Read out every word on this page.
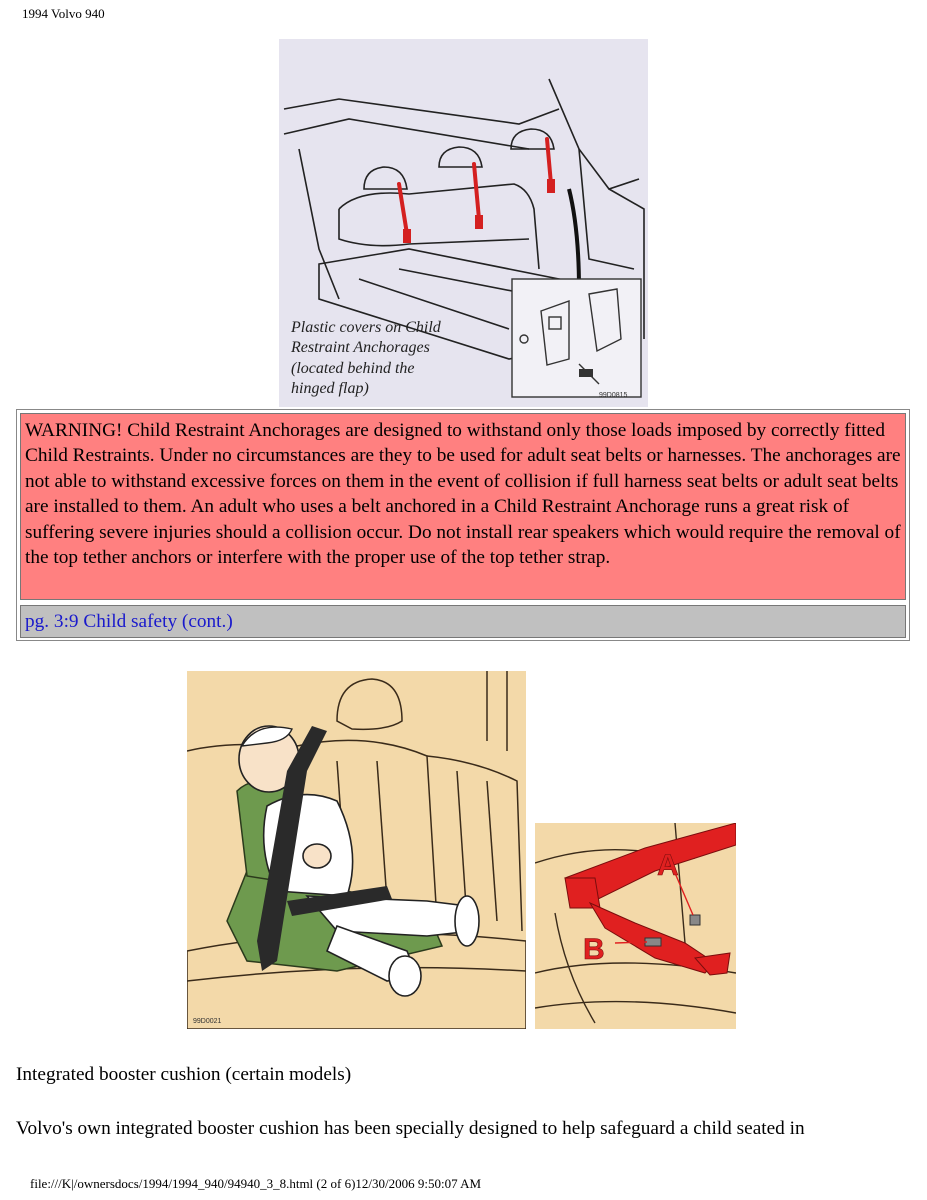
1994 Volvo 940
Plastic covers on Child
Restraint Anchorages
(located behind the
hinged flap)	99D0815
WARNING! Child Restraint Anchorages are designed to withstand only those loads imposed by correctly fitted Child Restraints. Under no circumstances are they to be used for adult seat belts or harnesses. The anchorages are not able to withstand excessive forces on them in the event of collision if full harness seat belts or adult seat belts are installed to them. An adult who uses a belt anchored in a Child Restraint Anchorage runs a great risk of suffering severe injuries should a collision occur. Do not install rear speakers which would require the removal of the top tether anchors or interfere with the proper use of the top tether strap.
pg. 3:9 Child safety (cont.)
99D0021
A
B
Integrated booster cushion (certain models)
Volvo's own integrated booster cushion has been specially designed to help safeguard a child seated in
file:///K|/ownersdocs/1994/1994_940/94940_3_8.html (2 of 6)12/30/2006 9:50:07 AM
